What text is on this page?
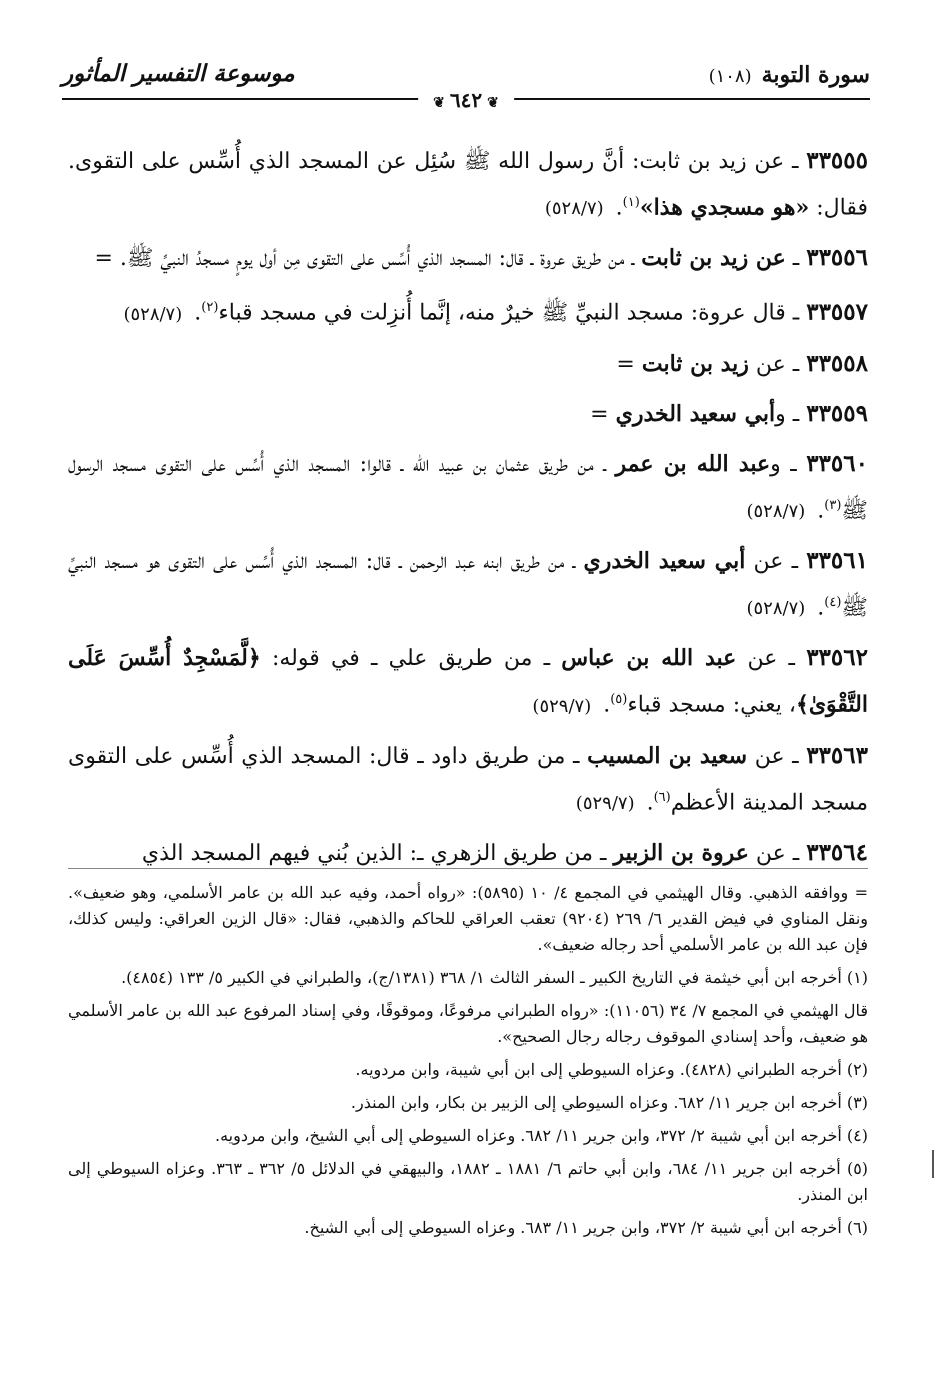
سورة التوبة(١٠٨)
موسوعة التفسير المأثور
❦٦٤٢❦

٣٣٥٥٥ ـ عن زيد بن ثابت: أنَّ رسول الله ﷺ سُئِل عن المسجد الذي أُسِّس على التقوى. فقال: «هو مسجدي هذا»$^{(١)}$.(٥٢٨/٧)

٣٣٥٥٦ ـ عن زيد بن ثابت ـ من طريق عروة ـ قال: المسجد الذي أُسِّس على التقوى مِن أول يومٍ مسجدُ النبيِّ ﷺ. =

٣٣٥٥٧ ـ قال عروة: مسجد النبيِّ ﷺ خيرٌ منه، إنَّما أُنزِلت في مسجد قباء$^{(٢)}$.(٥٢٨/٧)

٣٣٥٥٨ ـ عن زيد بن ثابت =

٣٣٥٥٩ ـ وأبي سعيد الخدري =

٣٣٥٦٠ ـ وعبد الله بن عمر ـ من طريق عثمان بن عبيد الله ـ قالوا: المسجد الذي أُسِّس على التقوى مسجد الرسول ﷺ$^{(٣)}$.(٥٢٨/٧)

٣٣٥٦١ ـ عن أبي سعيد الخدري ـ من طريق ابنه عبد الرحمن ـ قال: المسجد الذي أُسِّس على التقوى هو مسجد النبيِّ ﷺ$^{(٤)}$.(٥٢٨/٧)

٣٣٥٦٢ ـ عن عبد الله بن عباس ـ من طريق علي ـ في قوله: ﴿لَّمَسْجِدٌ أُسِّسَ عَلَى التَّقْوَىٰ﴾، يعني: مسجد قباء$^{(٥)}$.(٥٢٩/٧)

٣٣٥٦٣ ـ عن سعيد بن المسيب ـ من طريق داود ـ قال: المسجد الذي أُسِّس على التقوى مسجد المدينة الأعظم$^{(٦)}$.(٥٢٩/٧)

٣٣٥٦٤ ـ عن عروة بن الزبير ـ من طريق الزهري ـ: الذين بُني فيهم المسجد الذي

= ووافقه الذهبي. وقال الهيثمي في المجمع ٤/ ١٠ (٥٨٩٥): «رواه أحمد، وفيه عبد الله بن عامر الأسلمي، وهو ضعيف». ونقل المناوي في فيض القدير ٦/ ٢٦٩ (٩٢٠٤) تعقب العراقي للحاكم والذهبي، فقال: «قال الزين العراقي: وليس كذلك، فإن عبد الله بن عامر الأسلمي أحد رجاله ضعيف».

(١) أخرجه ابن أبي خيثمة في التاريخ الكبير ـ السفر الثالث ١/ ٣٦٨ (١٣٨١/ج)، والطبراني في الكبير ٥/ ١٣٣ (٤٨٥٤).

قال الهيثمي في المجمع ٧/ ٣٤ (١١٠٥٦): «رواه الطبراني مرفوعًا، وموقوفًا، وفي إسناد المرفوع عبد الله بن عامر الأسلمي هو ضعيف، وأحد إسنادي الموقوف رجاله رجال الصحيح».

(٢) أخرجه الطبراني (٤٨٢٨). وعزاه السيوطي إلى ابن أبي شيبة، وابن مردويه.

(٣) أخرجه ابن جرير ١١/ ٦٨٢. وعزاه السيوطي إلى الزبير بن بكار، وابن المنذر.

(٤) أخرجه ابن أبي شيبة ٢/ ٣٧٢، وابن جرير ١١/ ٦٨٢. وعزاه السيوطي إلى أبي الشيخ، وابن مردويه.

(٥) أخرجه ابن جرير ١١/ ٦٨٤، وابن أبي حاتم ٦/ ١٨٨١ ـ ١٨٨٢، والبيهقي في الدلائل ٥/ ٣٦٢ ـ ٣٦٣. وعزاه السيوطي إلى ابن المنذر.

(٦) أخرجه ابن أبي شيبة ٢/ ٣٧٢، وابن جرير ١١/ ٦٨٣. وعزاه السيوطي إلى أبي الشيخ.
